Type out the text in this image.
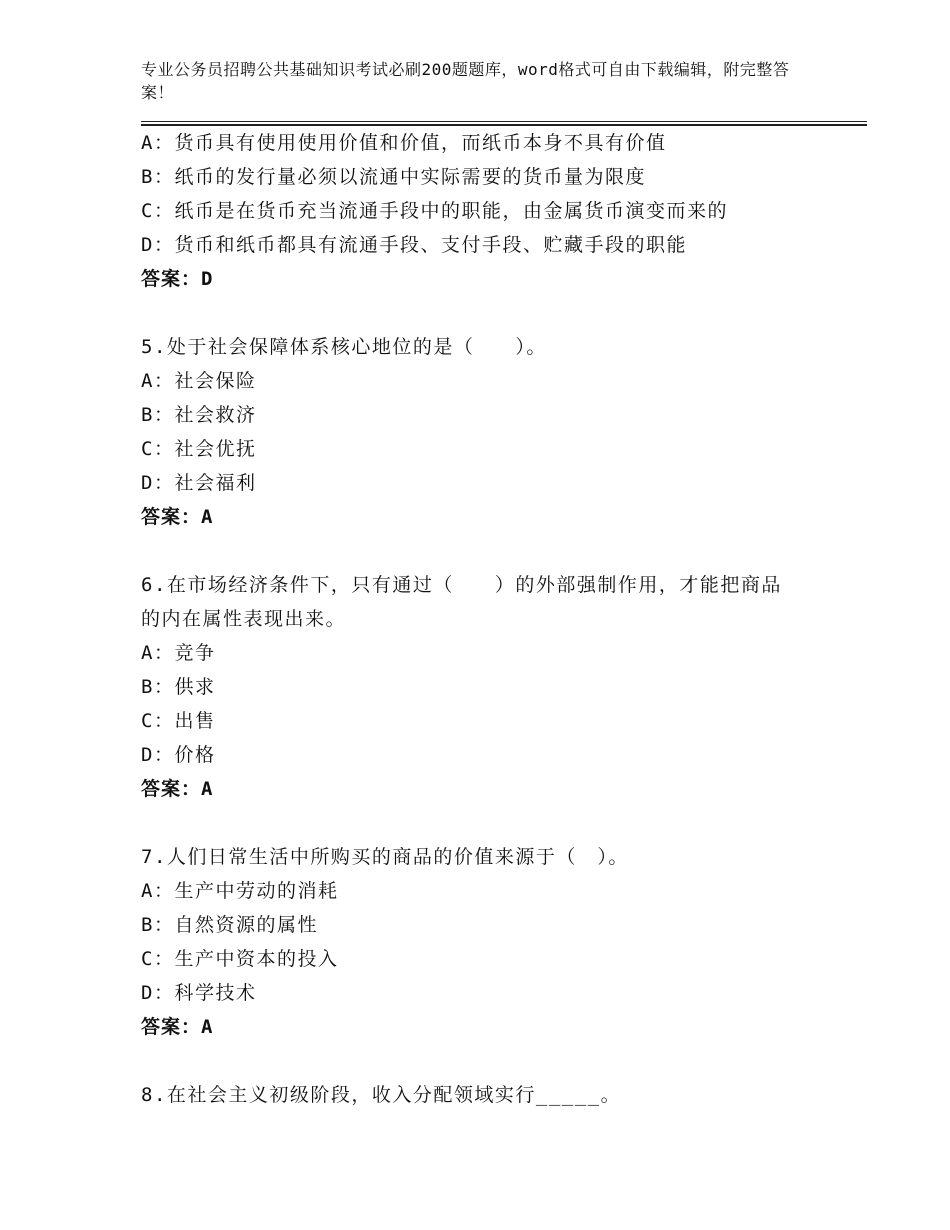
专业公务员招聘公共基础知识考试必刷200题题库，word格式可自由下载编辑，附完整答案！
A：货币具有使用使用价值和价值，而纸币本身不具有价值
B：纸币的发行量必须以流通中实际需要的货币量为限度
C：纸币是在货币充当流通手段中的职能，由金属货币演变而来的
D：货币和纸币都具有流通手段、支付手段、贮藏手段的职能
答案：D
5.处于社会保障体系核心地位的是（　　）。
A：社会保险
B：社会救济
C：社会优抚
D：社会福利
答案：A
6.在市场经济条件下，只有通过（　　）的外部强制作用，才能把商品的内在属性表现出来。
A：竞争
B：供求
C：出售
D：价格
答案：A
7.人们日常生活中所购买的商品的价值来源于（　）。
A：生产中劳动的消耗
B：自然资源的属性
C：生产中资本的投入
D：科学技术
答案：A
8.在社会主义初级阶段，收入分配领域实行_____。
